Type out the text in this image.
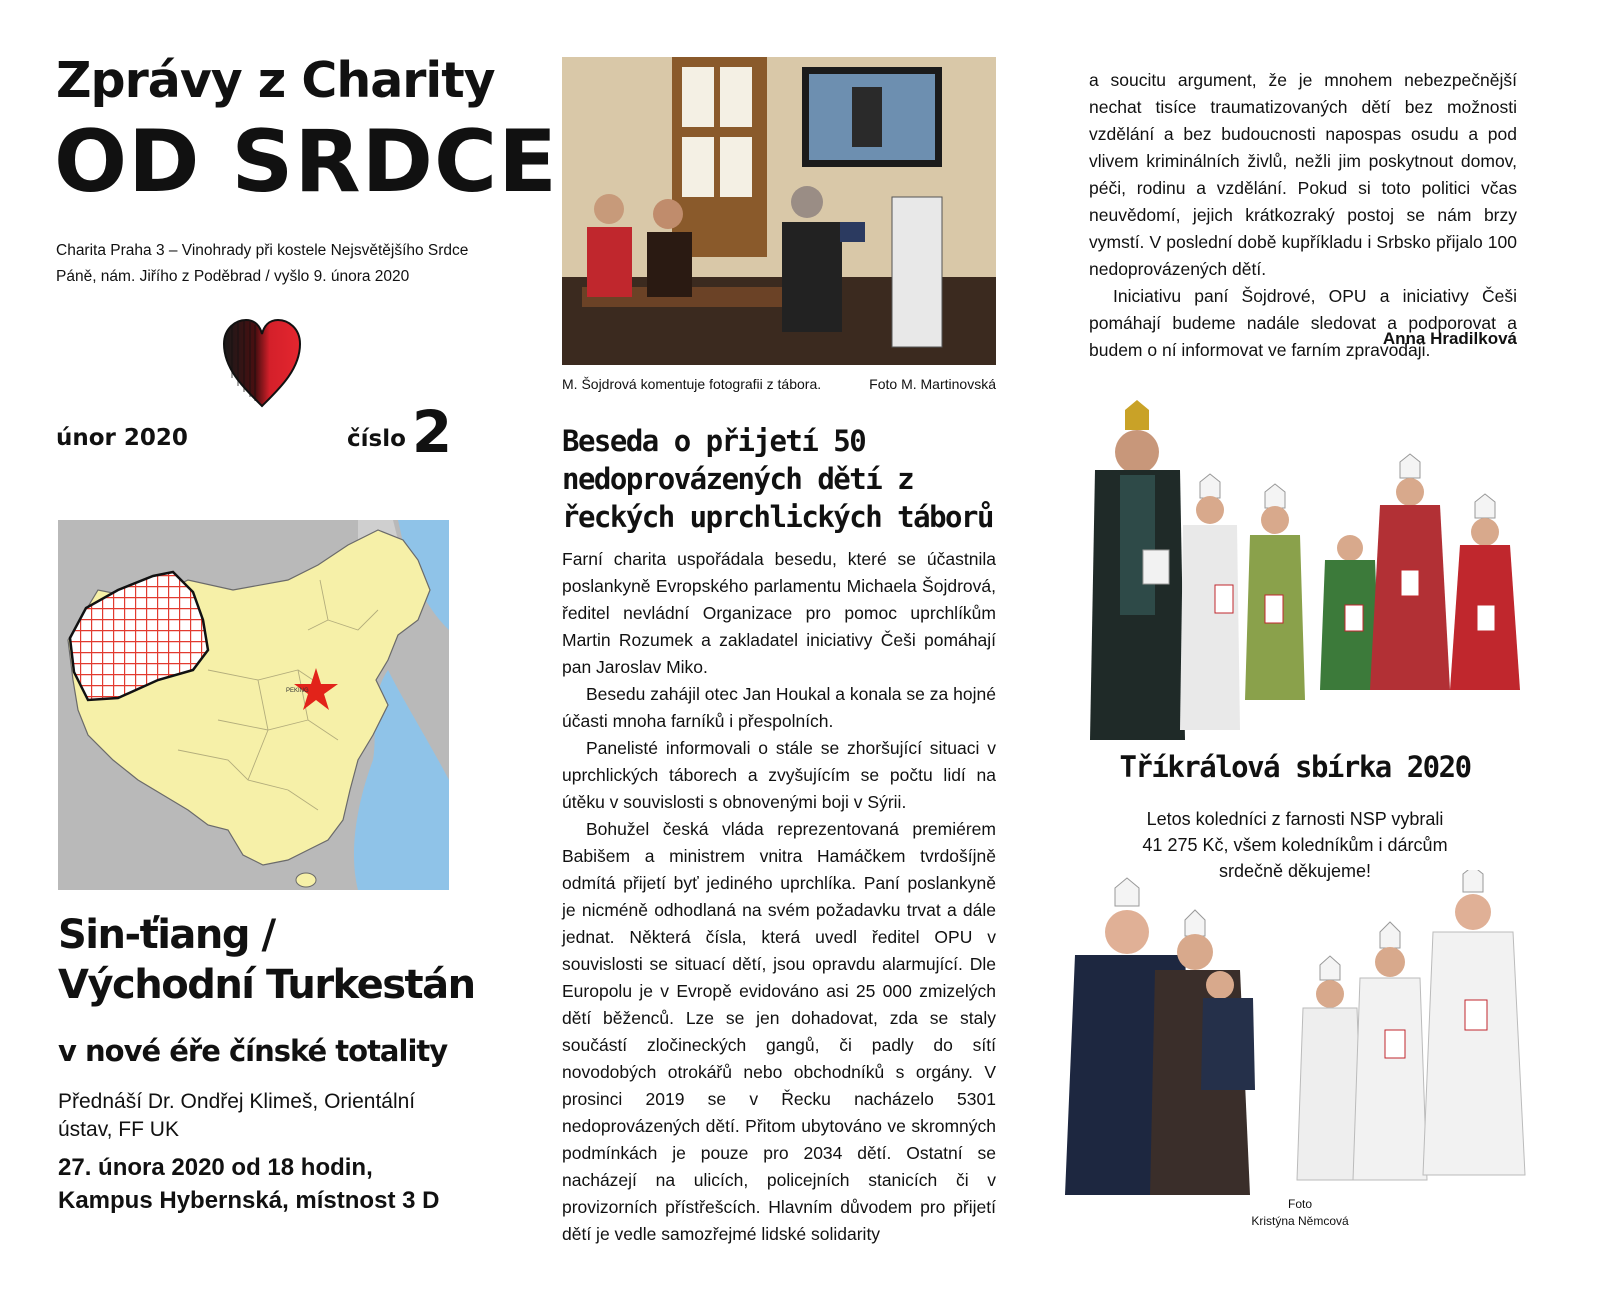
Zprávy z Charity
OD SRDCE
Charita Praha 3 – Vinohrady při kostele Nejsvětějšího Srdce
Páně, nám. Jiřího z Poděbrad / vyšlo 9. února 2020
únor 2020	číslo 2
PEKING
Sin-ťiang /
Východní Turkestán
v nové éře čínské totality
Přednáší Dr. Ondřej Klimeš, Orientální ústav, FF UK
27. února 2020 od 18 hodin,
Kampus Hybernská, místnost 3 D
M. Šojdrová komentuje fotografii z tábora.	Foto M. Martinovská
Beseda o přijetí 50 nedoprovázených dětí z řeckých uprchlických táborů

Farní charita uspořádala besedu, které se účastnila poslankyně Evropského parlamentu Michaela Šojdrová, ředitel nevládní Organizace pro pomoc uprchlíkům Martin Rozumek a zakladatel iniciativy Češi pomáhají pan Jaroslav Miko.

Besedu zahájil otec Jan Houkal a konala se za hojné účasti mnoha farníků i přespolních.

Panelisté informovali o stále se zhoršující situaci v uprchlických táborech a zvyšujícím se počtu lidí na útěku v souvislosti s obnovenými boji v Sýrii.

Bohužel česká vláda reprezentovaná premiérem Babišem a ministrem vnitra Hamáčkem tvrdošíjně odmítá přijetí byť jediného uprchlíka. Paní poslankyně je nicméně odhodlaná na svém požadavku trvat a dále jednat. Některá čísla, která uvedl ředitel OPU v souvislosti se situací dětí, jsou opravdu alarmující. Dle Europolu je v Evropě evidováno asi 25 000 zmizelých dětí běženců. Lze se jen dohadovat, zda se staly součástí zločineckých gangů, či padly do sítí novodobých otrokářů nebo obchodníků s orgány. V prosinci 2019 se v Řecku nacházelo 5301 nedoprovázených dětí. Přitom ubytováno ve skromných podmínkách je pouze pro 2034 dětí. Ostatní se nacházejí na ulicích, policejních stanicích či v provizorních přístřešcích. Hlavním důvodem pro přijetí dětí je vedle samozřejmé lidské solidarity

a soucitu argument, že je mnohem nebezpečnější nechat tisíce traumatizovaných dětí bez možnosti vzdělání a bez budoucnosti napospas osudu a pod vlivem kriminálních živlů, nežli jim poskytnout domov, péči, rodinu a vzdělání. Pokud si toto politici včas neuvědomí, jejich krátkozraký postoj se nám brzy vymstí. V poslední době kupříkladu i Srbsko přijalo 100 nedoprovázených dětí.

Iniciativu paní Šojdrové, OPU a iniciativy Češi pomáhají budeme nadále sledovat a podporovat a budem o ní informovat ve farním zpravodaji.

Anna Hradilková
Tříkrálová sbírka 2020
Letos koledníci z farnosti NSP vybrali
41 275 Kč, všem koledníkům i dárcům
srdečně děkujeme!
Foto
Kristýna Němcová
